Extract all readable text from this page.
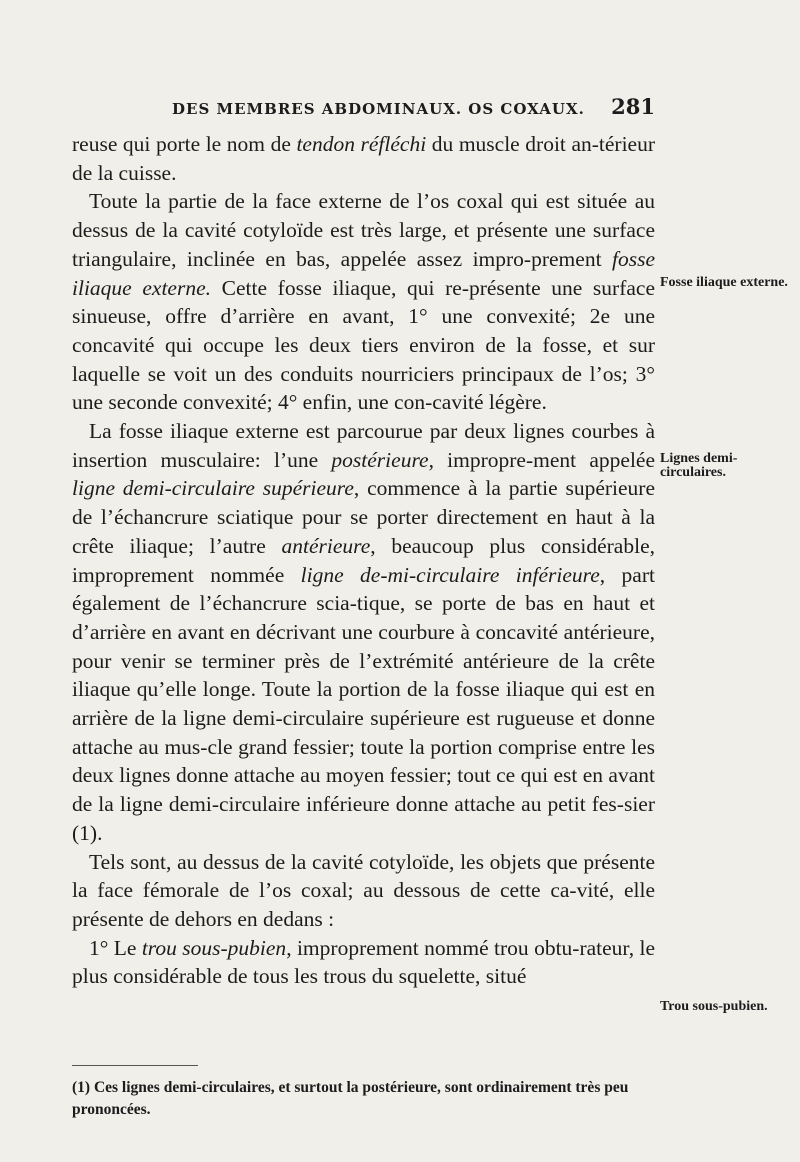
DES MEMBRES ABDOMINAUX. OS COXAUX. 281

reuse qui porte le nom de tendon réfléchi du muscle droit an-térieur de la cuisse.

Toute la partie de la face externe de l’os coxal qui est située au dessus de la cavité cotyloïde est très large, et présente une surface triangulaire, inclinée en bas, appelée assez impro-prement fosse iliaque externe. Cette fosse iliaque, qui re-présente une surface sinueuse, offre d’arrière en avant, 1° une convexité; 2e une concavité qui occupe les deux tiers environ de la fosse, et sur laquelle se voit un des conduits nourriciers principaux de l’os; 3° une seconde convexité; 4° enfin, une con-cavité légère.

La fosse iliaque externe est parcourue par deux lignes courbes à insertion musculaire: l’une postérieure, impropre-ment appelée ligne demi-circulaire supérieure, commence à la partie supérieure de l’échancrure sciatique pour se porter directement en haut à la crête iliaque; l’autre antérieure, beaucoup plus considérable, improprement nommée ligne de-mi-circulaire inférieure, part également de l’échancrure scia-tique, se porte de bas en haut et d’arrière en avant en décrivant une courbure à concavité antérieure, pour venir se terminer près de l’extrémité antérieure de la crête iliaque qu’elle longe. Toute la portion de la fosse iliaque qui est en arrière de la ligne demi-circulaire supérieure est rugueuse et donne attache au mus-cle grand fessier; toute la portion comprise entre les deux lignes donne attache au moyen fessier; tout ce qui est en avant de la ligne demi-circulaire inférieure donne attache au petit fes-sier (1).

Tels sont, au dessus de la cavité cotyloïde, les objets que présente la face fémorale de l’os coxal; au dessous de cette ca-vité, elle présente de dehors en dedans :

1° Le trou sous-pubien, improprement nommé trou obtu-rateur, le plus considérable de tous les trous du squelette, situé

Fosse iliaque externe.
Lignes demi-circulaires.
Trou sous-pubien.

(1) Ces lignes demi-circulaires, et surtout la postérieure, sont ordinairement très peu prononcées.
